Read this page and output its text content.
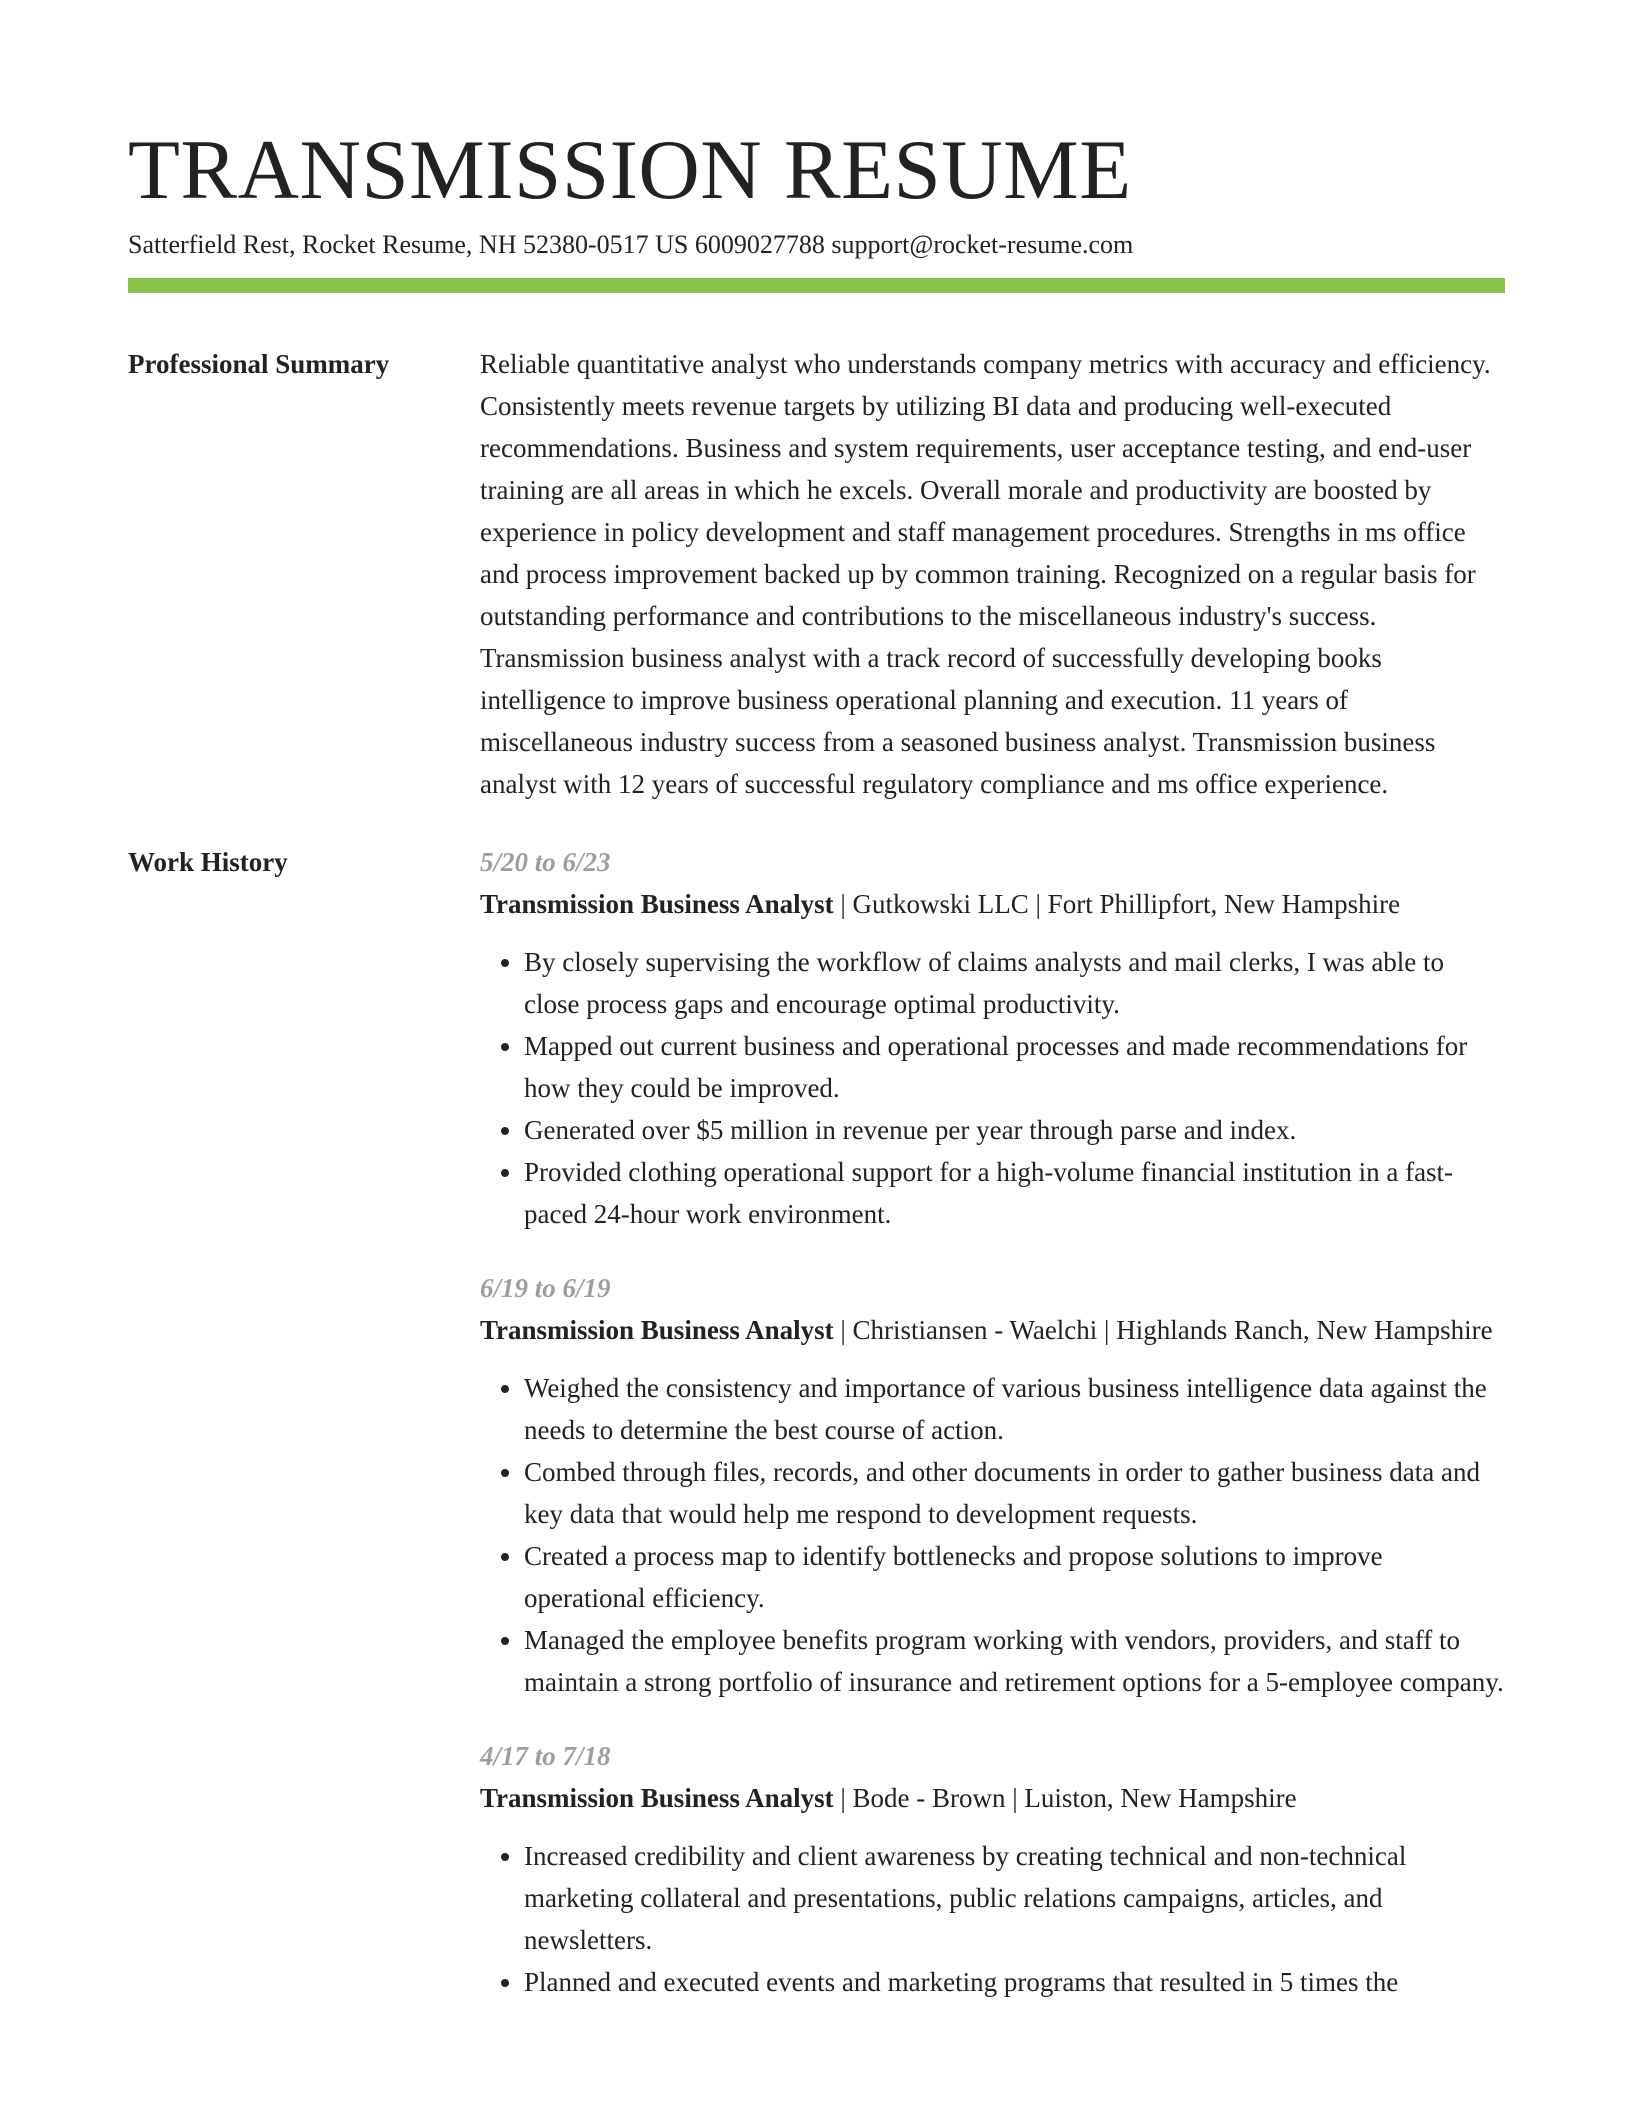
TRANSMISSION RESUME
Satterfield Rest, Rocket Resume, NH 52380-0517 US 6009027788 support@rocket-resume.com
Professional Summary	Reliable quantitative analyst who understands company metrics with accuracy and efficiency. Consistently meets revenue targets by utilizing BI data and producing well-executed recommendations. Business and system requirements, user acceptance testing, and end-user training are all areas in which he excels. Overall morale and productivity are boosted by experience in policy development and staff management procedures. Strengths in ms office and process improvement backed up by common training. Recognized on a regular basis for outstanding performance and contributions to the miscellaneous industry's success. Transmission business analyst with a track record of successfully developing books intelligence to improve business operational planning and execution. 11 years of miscellaneous industry success from a seasoned business analyst. Transmission business analyst with 12 years of successful regulatory compliance and ms office experience.

Work History	5/20 to 6/23
Transmission Business Analyst | Gutkowski LLC | Fort Phillipfort, New Hampshire
• By closely supervising the workflow of claims analysts and mail clerks, I was able to close process gaps and encourage optimal productivity.
• Mapped out current business and operational processes and made recommendations for how they could be improved.
• Generated over $5 million in revenue per year through parse and index.
• Provided clothing operational support for a high-volume financial institution in a fast-paced 24-hour work environment.
6/19 to 6/19
Transmission Business Analyst | Christiansen - Waelchi | Highlands Ranch, New Hampshire
• Weighed the consistency and importance of various business intelligence data against the needs to determine the best course of action.
• Combed through files, records, and other documents in order to gather business data and key data that would help me respond to development requests.
• Created a process map to identify bottlenecks and propose solutions to improve operational efficiency.
• Managed the employee benefits program working with vendors, providers, and staff to maintain a strong portfolio of insurance and retirement options for a 5-employee company.
4/17 to 7/18
Transmission Business Analyst | Bode - Brown | Luiston, New Hampshire
• Increased credibility and client awareness by creating technical and non-technical marketing collateral and presentations, public relations campaigns, articles, and newsletters.
• Planned and executed events and marketing programs that resulted in 5 times the
